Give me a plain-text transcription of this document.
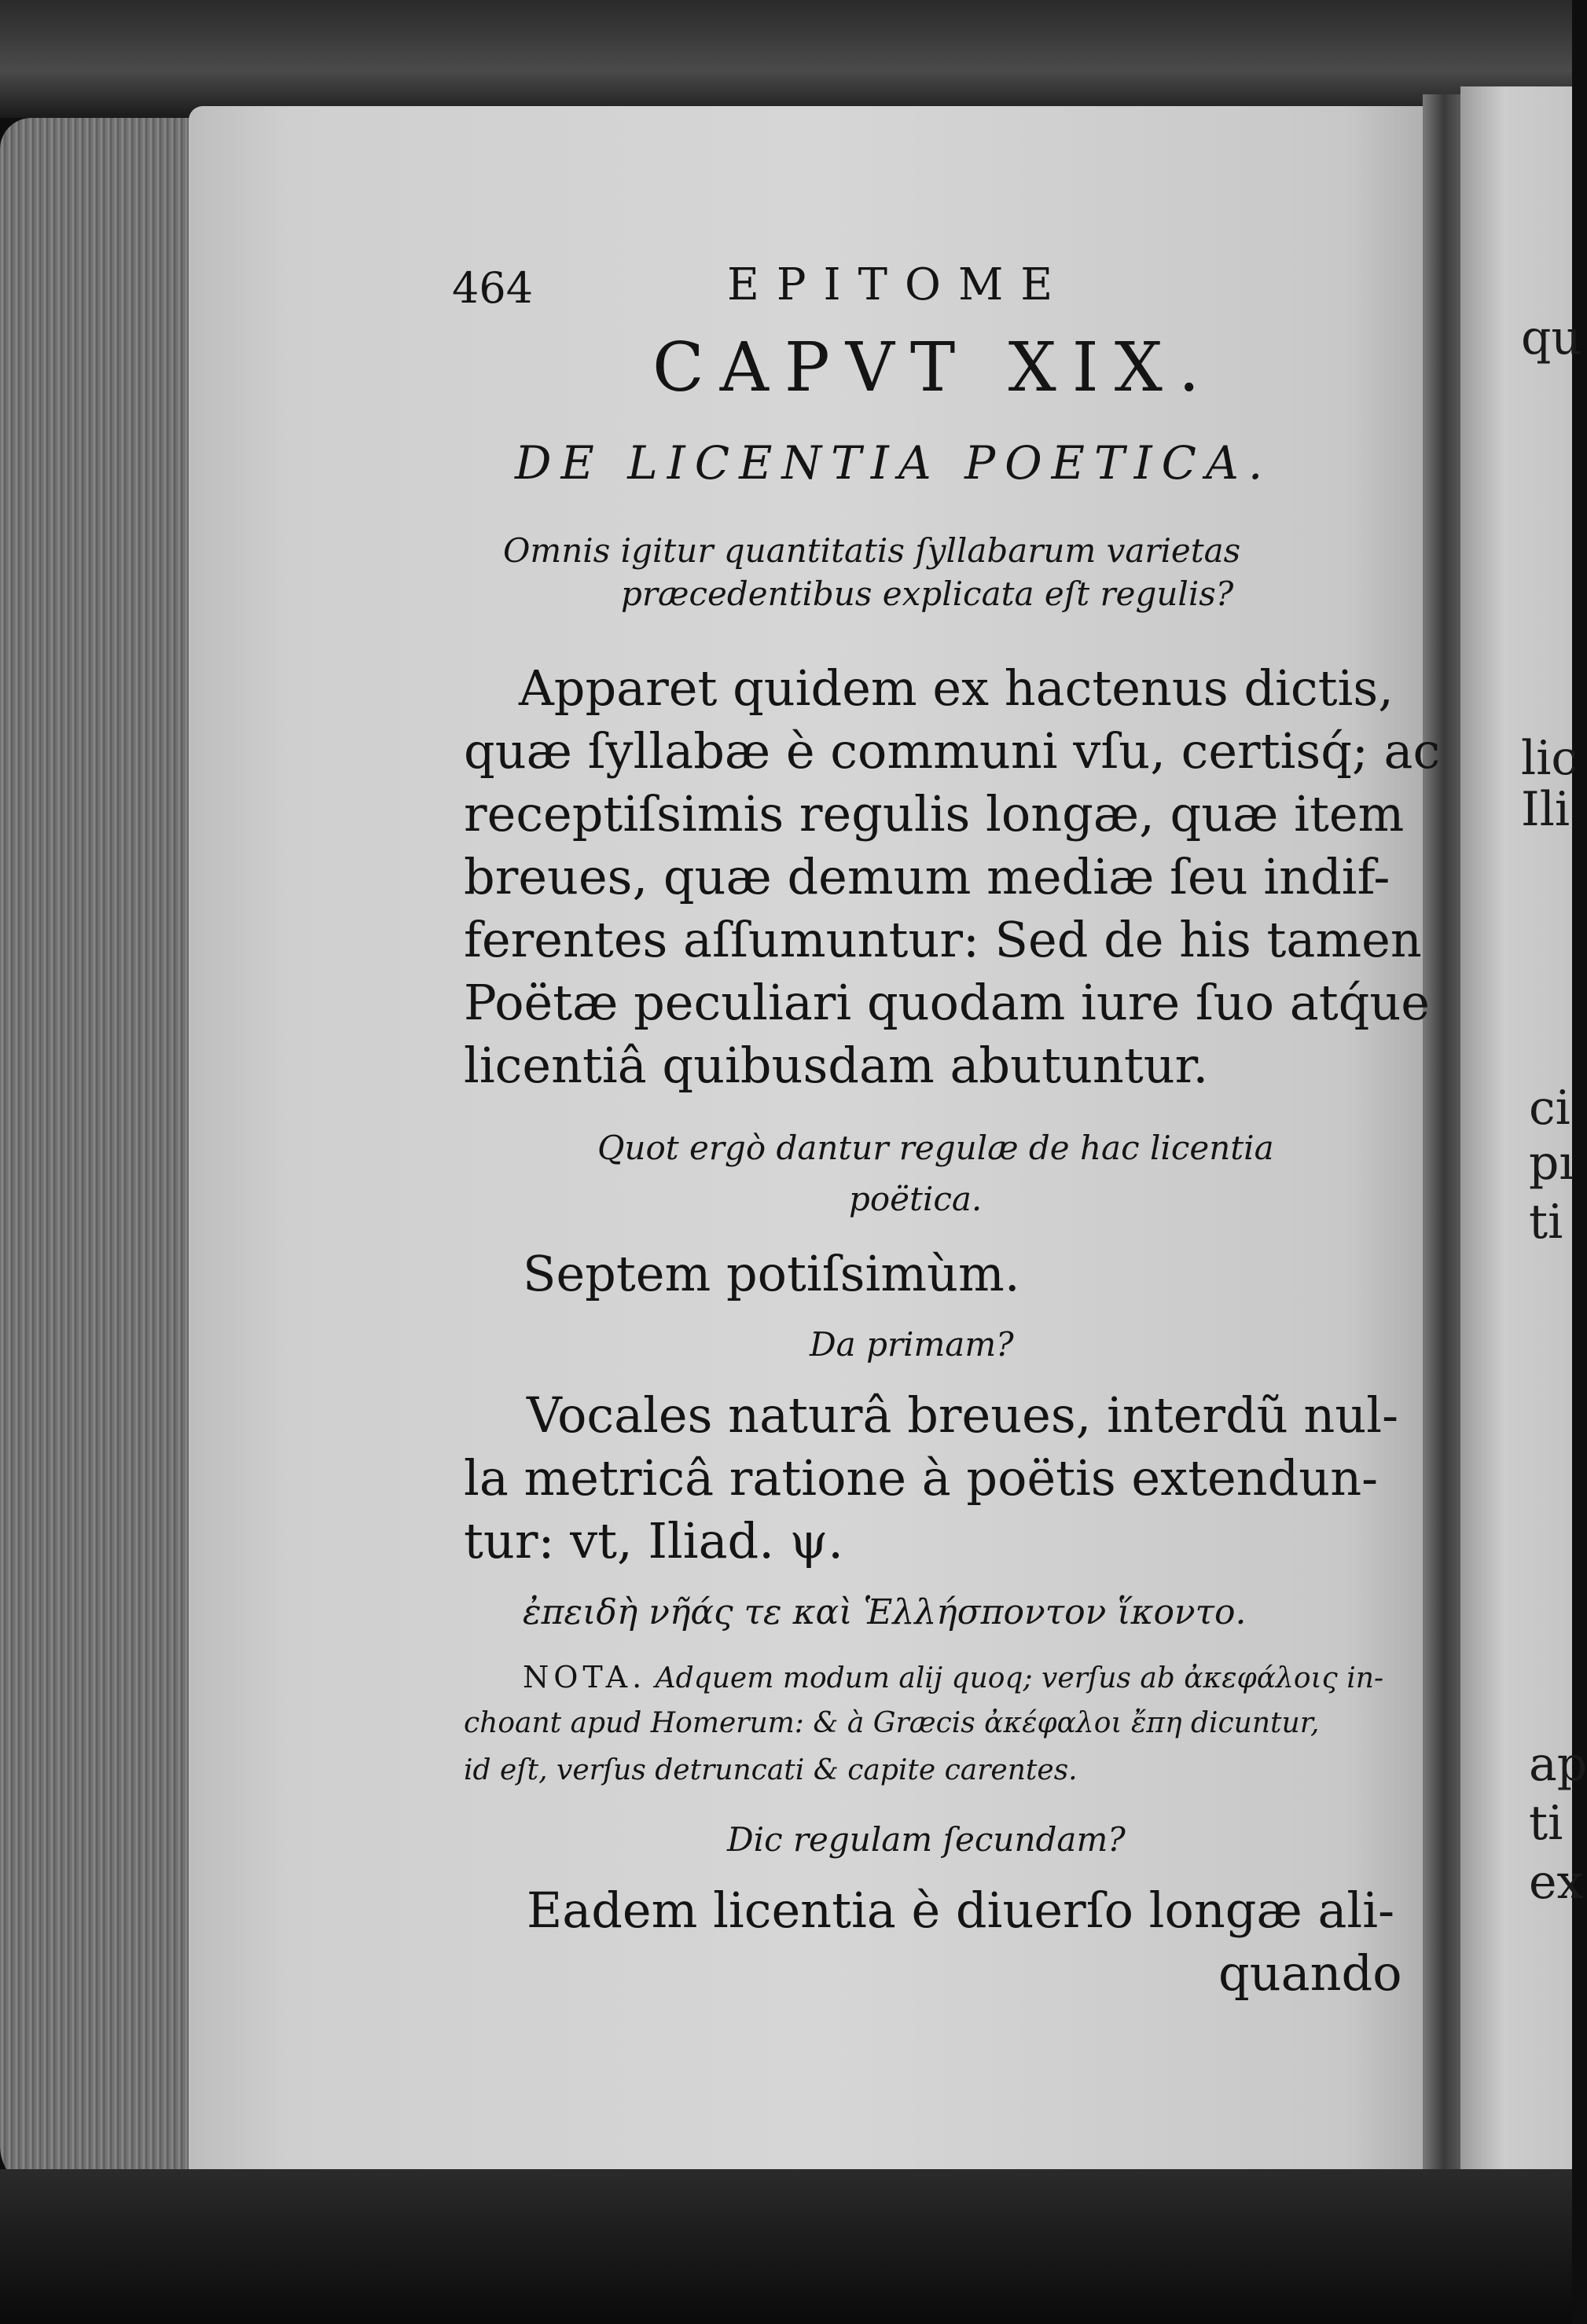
464	EPITOME
CAPVT XIX.
DE LICENTIA POETICA.
Omnis igitur quantitatis ſyllabarum varietas
præcedentibus explicata eſt regulis?
Apparet quidem ex hactenus dictis,
quæ ſyllabæ è communi vſu, certisq́; ac
receptiſsimis regulis longæ, quæ item
breues, quæ demum mediæ ſeu indif-
ferentes aſſumuntur: Sed de his tamen
Poëtæ peculiari quodam iure ſuo atq́ue
licentiâ quibusdam abutuntur.
Quot ergò dantur regulæ de hac licentia
poëtica.
Septem potiſsimùm.
Da primam?
Vocales naturâ breues, interdũ nul-
la metricâ ratione à poëtis extendun-
tur: vt, Iliad. ψ.
ἐπειδὴ νῆάς τε καὶ Ἑλλήσποντον ἵκοντο.
NOTA. Adquem modum alij quoq; verſus ab ἀκεφάλοις in-
choant apud Homerum: & à Græcis ἀκέφαλοι ἔπη dicuntur,
id eſt, verſus detruncati & capite carentes.
Dic regulam ſecundam?
Eadem licentia è diuerſo longæ ali-
quando
qu
lic
Ili
ci
pı
ti
ap
ti
ex
